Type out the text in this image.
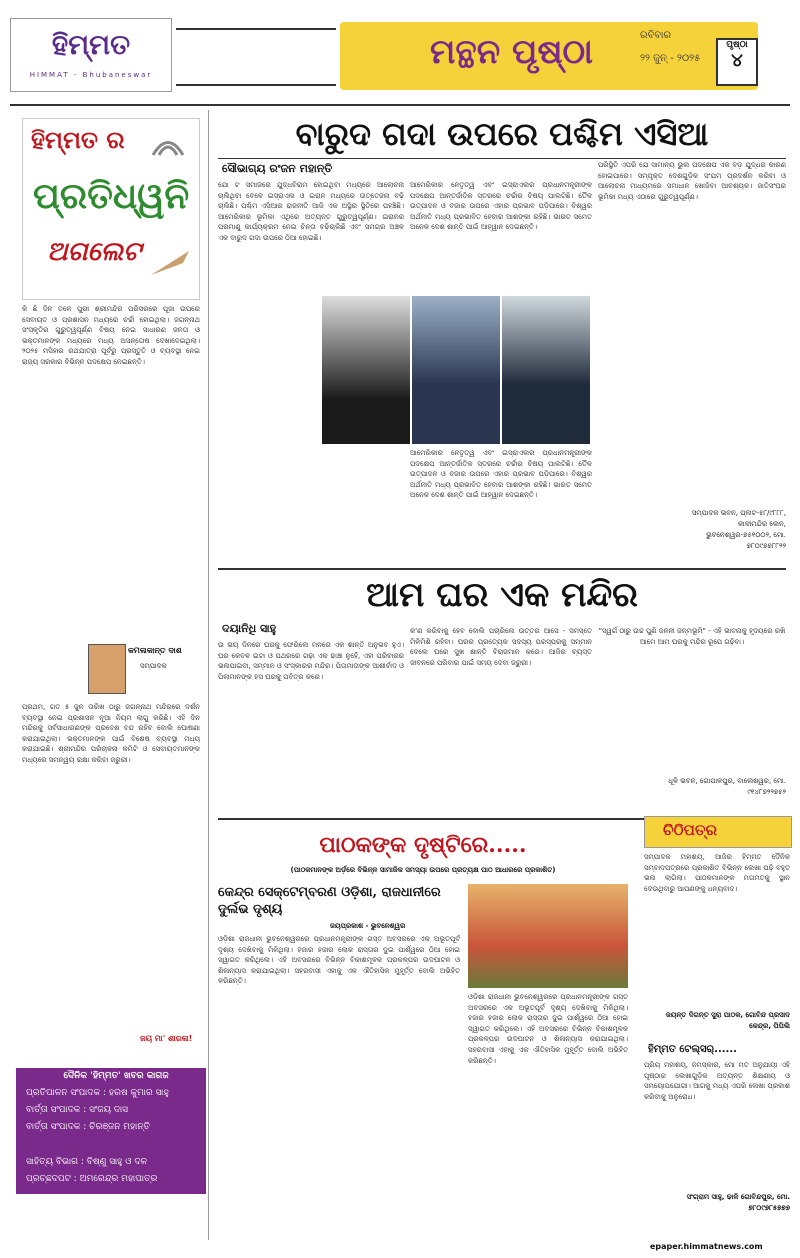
ହିମ୍ମତ
HIMMAT - Bhubaneswar
ମନ୍ଥନ ପୃଷ୍ଠା	ରବିବାର
୨୨ ଜୁନ୍ - ୨୦୨୫
ପୃଷ୍ଠା
୪
ହିମ୍ମତ ର
ପ୍ରତିଧ୍ୱନି
ଅଗଲେଟ
କି ଛି ଦିନ ତଳେ ପୁରୀ ଶ୍ରୀମନ୍ଦିର ପରିସରରେ ପୂଜା ଉପରେ ସେବାୟତ ଓ ପ୍ରଶାସନ ମଧ୍ୟରେ ଚର୍ଚ୍ଚା ହୋଇଥିଲା। ଜଗନ୍ନାଥ ସଂସ୍କୃତିର ଗୁରୁତ୍ୱପୂର୍ଣ୍ଣ ବିଷୟ ନେଇ ସାଧାରଣ ଜନତା ଓ ଭକ୍ତମାନଙ୍କ ମଧ୍ୟରେ ମଧ୍ୟ ଅସନ୍ତୋଷ ଦେଖାଦେଇଥିଲା। ୨୦୨୫ ମସିହାର ରଥଯାତ୍ରା ପୂର୍ବରୁ ପ୍ରସ୍ତୁତି ଓ ବ୍ୟବସ୍ଥା ନେଇ ରାଜ୍ୟ ସରକାର ବିଭିନ୍ନ ପଦକ୍ଷେପ ନେଇଛନ୍ତି।
କମଳାକାନ୍ତ ଦାଶ
ସମ୍ପାଦକ
ପ୍ରଥମ, ଗତ ୫ ଜୁନ ତାରିଖ ଠାରୁ ଜଗନ୍ନାଥ ମନ୍ଦିରରେ ଦର୍ଶନ ବ୍ୟବସ୍ଥା ନେଇ ପ୍ରଶାସନ ନୂଆ ନିୟମ ଲାଗୁ କରିଛି। ଏହି ଦିନ ମନ୍ଦିରକୁ ସର୍ବସାଧାରଣଙ୍କ ପ୍ରବେଶ ବନ୍ଦ ରହିବ ବୋଲି ଘୋଷଣା କରାଯାଇଥିଲା। ଭକ୍ତମାନଙ୍କ ପାଇଁ ବିଶେଷ ବ୍ୟବସ୍ଥା ମଧ୍ୟ କରାଯାଇଛି। ଶ୍ରୀମନ୍ଦିର ପରିଚାଳନା କମିଟି ଓ ସେବାୟତମାନଙ୍କ ମଧ୍ୟରେ ସମନ୍ୱୟ ରକ୍ଷା କରିବା ଜରୁରୀ।
ଜୟ ମା' ଶାରଳା!
ଦୈନିକ 'ହିମ୍ମତ' ଖବର କାଗଜ
ପ୍ରତିପାଳନ ସଂପାଦକ : ହରଷ କୁମାର ସାହୁ
ବାର୍ତ୍ତା ସଂପାଦକ : ସଂଜୟ ଦାସ
ବାର୍ତ୍ତା ସଂପାଦକ : ଚିରଞ୍ଜନ ମହାନ୍ତି
ସାହିତ୍ୟ ବିଭାଗ : ବିଷ୍ଣୁ ସାହୁ ଓ ଦଳ
ପ୍ରଚ୍ଛଦପଟ : ଅମରେନ୍ଦ୍ର ମହାପାତ୍ର
ବାରୁଦ ଗଦା ଉପରେ ପଶ୍ଚିମ ଏସିଆ
ସୌଭାଗ୍ୟ ରଂଜନ ମହାନ୍ତି
ଯୋ ଟ ସମାଜରେ ଯୁଦ୍ଧବିରାମ ହୋଇଥିବା ମଧ୍ୟରେ ଆଲୋଚନା ଚାଲିଥିବା ବେଳେ ଇସ୍ରାଏଲ ଓ ଇରାନ ମଧ୍ୟରେ ଉତ୍ତେଜନା ବଢ଼ି ଚାଲିଛି। ପଶ୍ଚିମ ଏସିଆର ରାଜନୀତି ଆଜି ଏକ ଅସ୍ଥିର ସ୍ଥିତିରେ ପହଞ୍ଚିଛି। ଆମେରିକାର ଭୂମିକା ଏଥିରେ ଅତ୍ୟନ୍ତ ଗୁରୁତ୍ୱପୂର୍ଣ୍ଣ। ଇରାନର ପରମାଣୁ କାର୍ଯ୍ୟକ୍ରମ ନେଇ ଚିନ୍ତା ବଢ଼ିଚାଲିଛି ଏବଂ ସମଗ୍ର ଅଞ୍ଚଳ ଏକ ବାରୁଦ ଗଦା ଉପରେ ଠିଆ ହୋଇଛି।
ଆମେରିକାର ନେତୃତ୍ୱ ଏବଂ ଇସ୍ରାଏଲର ପ୍ରଧାନମନ୍ତ୍ରୀଙ୍କ ପଦକ୍ଷେପ ଆନ୍ତର୍ଜାତିକ ସ୍ତରରେ ଚର୍ଚ୍ଚାର ବିଷୟ ପାଲଟିଛି। ତୈଳ ଉତ୍ପାଦନ ଓ ବଜାର ଉପରେ ଏହାର ପ୍ରଭାବ ପଡ଼ିପାରେ। ବିଶ୍ୱର ଅର୍ଥନୀତି ମଧ୍ୟ ପ୍ରଭାବିତ ହେବାର ଆଶଙ୍କା ରହିଛି। ଭାରତ ସମେତ ଅନେକ ଦେଶ ଶାନ୍ତି ପାଇଁ ଆହ୍ୱାନ ଦେଇଛନ୍ତି।
ଆମେରିକାର ନେତୃତ୍ୱ ଏବଂ ଇସ୍ରାଏଲର ପ୍ରଧାନମନ୍ତ୍ରୀଙ୍କ ପଦକ୍ଷେପ ଆନ୍ତର୍ଜାତିକ ସ୍ତରରେ ଚର୍ଚ୍ଚାର ବିଷୟ ପାଲଟିଛି। ତୈଳ ଉତ୍ପାଦନ ଓ ବଜାର ଉପରେ ଏହାର ପ୍ରଭାବ ପଡ଼ିପାରେ। ବିଶ୍ୱର ଅର୍ଥନୀତି ମଧ୍ୟ ପ୍ରଭାବିତ ହେବାର ଆଶଙ୍କା ରହିଛି। ଭାରତ ସମେତ ଅନେକ ଦେଶ ଶାନ୍ତି ପାଇଁ ଆହ୍ୱାନ ଦେଇଛନ୍ତି।
ପରିସ୍ଥିତି ଏପରି ଯେ ସାମାନ୍ୟ ଭୁଲ ପଦକ୍ଷେପ ଏକ ବଡ଼ ଯୁଦ୍ଧର କାରଣ ହୋଇପାରେ। ସମ୍ପୃକ୍ତ ଦେଶଗୁଡ଼ିକ ସଂଯମ ପ୍ରଦର୍ଶନ କରିବା ଓ ଆଲୋଚନା ମାଧ୍ୟମରେ ସମାଧାନ ଖୋଜିବା ଆବଶ୍ୟକ। ଜାତିସଂଘର ଭୂମିକା ମଧ୍ୟ ଏଠାରେ ଗୁରୁତ୍ୱପୂର୍ଣ୍ଣ।
ସମ୍ପାଦକ ଭବନ, ପ୍ଲଟ-୫୮/୯୮୮୮, କାଳୀମନ୍ଦିର ଲେନ, ଭୁବନେଶ୍ୱର-୭୫୧୦୦୨, ମୋ. ୭୮୦୯୭୭୮୮୨୨
ଆମ ଘର ଏକ ମନ୍ଦିର
ଦୟାନିଧି ସାହୁ
ଉ ଭୟ ଦିନରେ ଘରକୁ ଫେରିଲେ ମନରେ ଏକ ଶାନ୍ତି ଅନୁଭବ ହୁଏ। ଘର କେବଳ ଇଟା ଓ ପଥରରେ ଗଢ଼ା ଏକ ଢାଞ୍ଚା ନୁହେଁ, ଏହା ପରିବାରର ଭଲପାଇବା, ସମ୍ମାନ ଓ ସଂସ୍କାରର ମନ୍ଦିର। ପିତାମାତାଙ୍କ ଆଶୀର୍ବାଦ ଓ ପିଲାମାନଙ୍କ ହସ ଘରକୁ ପବିତ୍ର କରେ।
କ'ଣ କରିବାକୁ ହେବ ବୋଲି ପଚାରିଲେ ଉତ୍ତର ଆସେ - ସମସ୍ତେ ମିଳିମିଶି ରହିବା। ଘରର ପ୍ରତ୍ୟେକ ସଦସ୍ୟ ପରସ୍ପରକୁ ସମ୍ମାନ ଦେଲେ ଘରେ ସୁଖ ଶାନ୍ତି ବିରାଜମାନ କରେ। ଆଜିର ବ୍ୟସ୍ତ ଜୀବନରେ ପରିବାର ପାଇଁ ସମୟ ଦେବା ଜରୁରୀ।
"ସ୍ୱର୍ଗ ଠାରୁ ଉଚ୍ଚ ପୁଣି ଜନନୀ ଜନ୍ମଭୂମି" - ଏହି ଭାବନାକୁ ହୃଦୟରେ ରଖି ଆମେ ଆମ ଘରକୁ ମନ୍ଦିର ରୂପେ ଗଢ଼ିବା।
ଧୂଳି ଭବନ, ଗୋପାଳପୁର, ବାଲେଶ୍ୱର, ମୋ. ୯୧୪୮୭୨୨୭୫୨
ପାଠକଙ୍କ ଦୃଷ୍ଟିରେ.....
(ପାଠକମାନଙ୍କ ଅର୍ଡ଼ରେ ବିଭିନ୍ନ ସାମାଜିକ ସମସ୍ୟା ଉପରେ ପ୍ରତ୍ୟକ୍ଷ ପାଠ ଆଧାରରେ ପ୍ରକାଶିତ)
କେନ୍ଦ୍ର ସେକ୍ଟେମ୍ବରଣ ଓଡ଼ିଶା, ରାଜଧାନୀରେ ଦୁର୍ଲଭ ଦୃଶ୍ୟ
ଜୟପ୍ରକାଶ - ଭୁବନେଶ୍ୱର
ଓଡ଼ିଶା ରାଜଧାନୀ ଭୁବନେଶ୍ୱରରେ ପ୍ରଧାନମନ୍ତ୍ରୀଙ୍କ ଗସ୍ତ ଅବସରରେ ଏକ ଅଭୂତପୂର୍ବ ଦୃଶ୍ୟ ଦେଖିବାକୁ ମିଳିଥିଲା। ହଜାର ହଜାର ଲୋକ ରାସ୍ତାର ଦୁଇ ପାର୍ଶ୍ୱରେ ଠିଆ ହୋଇ ସ୍ୱାଗତ କରିଥିଲେ। ଏହି ଅବସରରେ ବିଭିନ୍ନ ବିକାଶମୂଳକ ପ୍ରକଳ୍ପର ଉଦଘାଟନ ଓ ଶିଳାନ୍ୟାସ କରାଯାଇଥିଲା। ସହରବାସୀ ଏହାକୁ ଏକ ଐତିହାସିକ ମୁହୂର୍ତ୍ତ ବୋଲି ଅଭିହିତ କରିଛନ୍ତି।
ଓଡ଼ିଶା ରାଜଧାନୀ ଭୁବନେଶ୍ୱରରେ ପ୍ରଧାନମନ୍ତ୍ରୀଙ୍କ ଗସ୍ତ ଅବସରରେ ଏକ ଅଭୂତପୂର୍ବ ଦୃଶ୍ୟ ଦେଖିବାକୁ ମିଳିଥିଲା। ହଜାର ହଜାର ଲୋକ ରାସ୍ତାର ଦୁଇ ପାର୍ଶ୍ୱରେ ଠିଆ ହୋଇ ସ୍ୱାଗତ କରିଥିଲେ। ଏହି ଅବସରରେ ବିଭିନ୍ନ ବିକାଶମୂଳକ ପ୍ରକଳ୍ପର ଉଦଘାଟନ ଓ ଶିଳାନ୍ୟାସ କରାଯାଇଥିଲା। ସହରବାସୀ ଏହାକୁ ଏକ ଐତିହାସିକ ମୁହୂର୍ତ୍ତ ବୋଲି ଅଭିହିତ କରିଛନ୍ତି।
ଚିଠିପତ୍ର
ସମ୍ପାଦକ ମହାଶୟ, ଆଜିର ହିମ୍ମତ ଦୈନିକ ସମ୍ବାଦପତ୍ରରେ ପ୍ରକାଶିତ ବିଭିନ୍ନ ଲେଖା ପଢ଼ି ବହୁତ ଭଲ ଲାଗିଲା। ପାଠକମାନଙ୍କ ମତାମତକୁ ସ୍ଥାନ ଦେଉଥିବାରୁ ଆପଣଙ୍କୁ ଧନ୍ୟବାଦ।
ଜୟନ୍ତ ଦିଗନ୍ତ ସୁରା ପାଠକ, ଗୋବିନ୍ଦ ପ୍ରସାଦ କେନ୍ଦ୍ର, ପିପିଲି
ହିମ୍ମତ ଟେଲ୍ସର୍......
ପ୍ରିୟ ମହାଶୟ, ନମସ୍କାର, ମୋ ମତ ଅନୁଯାୟୀ ଏହି ପୃଷ୍ଠାର ଲେଖାଗୁଡ଼ିକ ଅତ୍ୟନ୍ତ ଶିକ୍ଷଣୀୟ ଓ ସମୟୋପଯୋଗୀ। ଆଗକୁ ମଧ୍ୟ ଏପରି ଲେଖା ପ୍ରକାଶ କରିବାକୁ ଅନୁରୋଧ।
ସଂଗ୍ରାମ ସାହୁ, ଢାଳି ଗୋବିନ୍ଦପୁର, ମୋ. ୭୮୦୯୭୮୫୭୭୭
epaper.himmatnews.com
